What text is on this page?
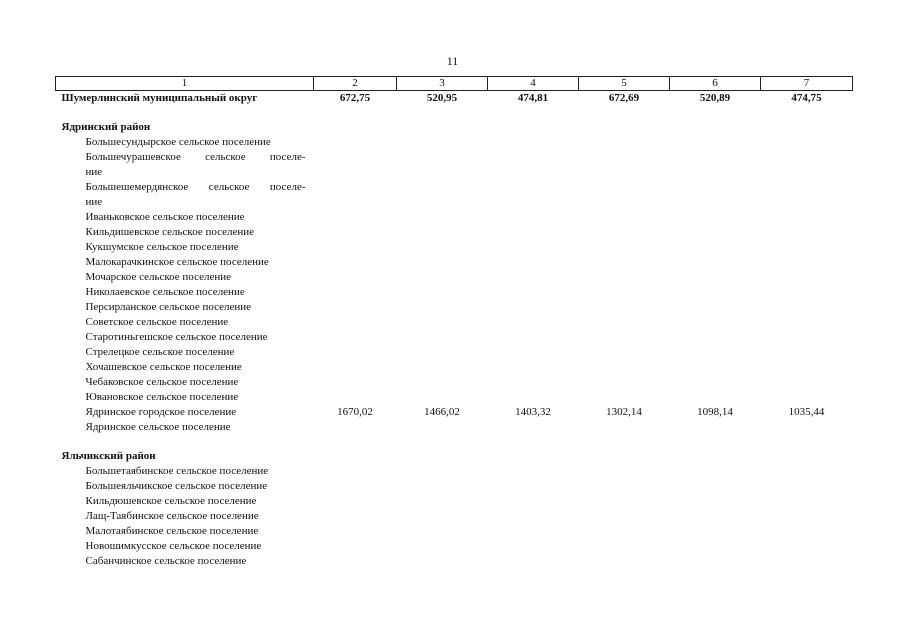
11
1	2	3	4	5	6	7
Шумерлинский муниципальный округ	672,75	520,95	474,81	672,69	520,89	474,75

Ядринский район						
Большесундырское сельское поселение						
Большечурашевское сельское поселе-						
ние						
Большешемердянское сельское поселе-						
ние						
Иваньковское сельское поселение						
Кильдишевское сельское поселение						
Кукшумское сельское поселение						
Малокарачкинское сельское поселение						
Мочарское сельское поселение						
Николаевское сельское поселение						
Персирланское сельское поселение						
Советское сельское поселение						
Старотиньгешское сельское поселение						
Стрелецкое сельское поселение						
Хочашевское сельское поселение						
Чебаковское сельское поселение						
Ювановское сельское поселение						
Ядринское городское поселение	1670,02	1466,02	1403,32	1302,14	1098,14	1035,44
Ядринское сельское поселение						

Яльчикский район						
Большетаябинское сельское поселение						
Большеяльчикское сельское поселение						
Кильдюшевское сельское поселение						
Лащ-Таябинское сельское поселение						
Малотаябинское сельское поселение						
Новошимкусское сельское поселение						
Сабанчинское сельское поселение						
